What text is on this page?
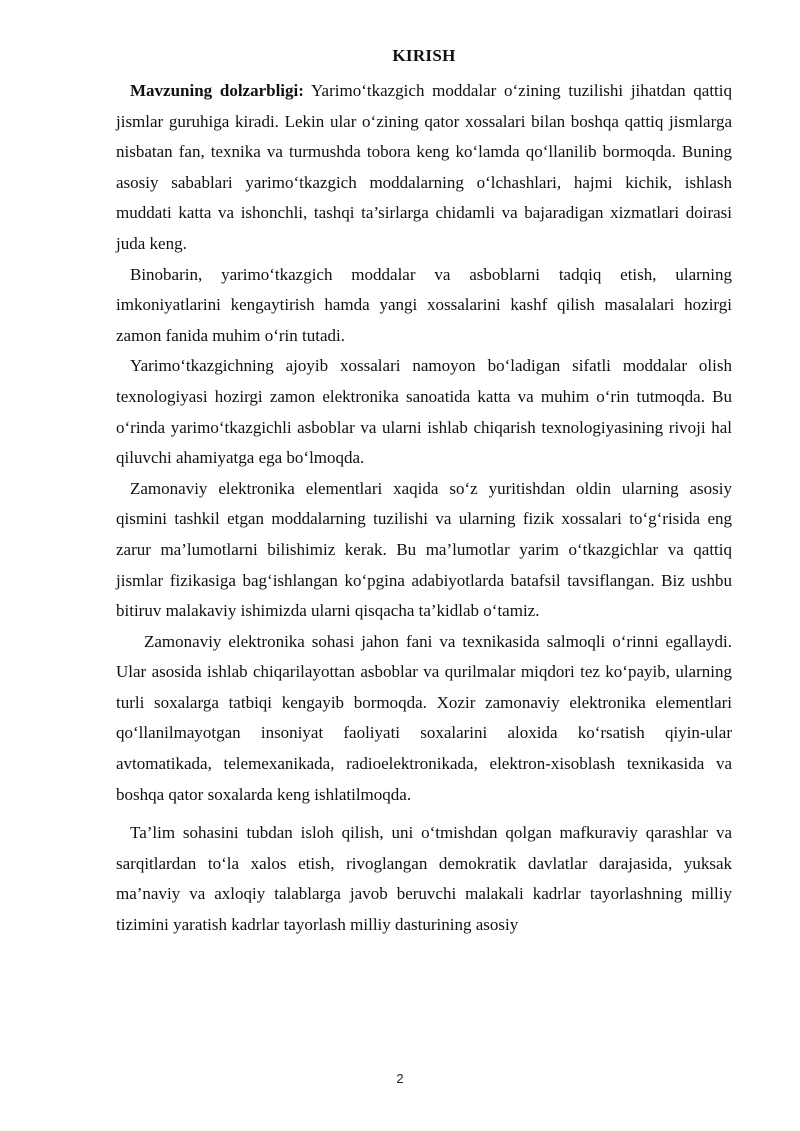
KIRISH

Mavzuning dolzarbligi: Yarimo‘tkazgich moddalar o‘zining tuzilishi jihatdan qattiq jismlar guruhiga kiradi. Lekin ular o‘zining qator xossalari bilan boshqa qattiq jismlarga nisbatan fan, texnika va turmushda tobora keng ko‘lamda qo‘llanilib bormoqda. Buning asosiy sabablari yarimo‘tkazgich moddalarning o‘lchashlari, hajmi kichik, ishlash muddati katta va ishonchli, tashqi ta’sirlarga chidamli va bajaradigan xizmatlari doirasi juda keng.

Binobarin, yarimo‘tkazgich moddalar va asboblarni tadqiq etish, ularning imkoniyatlarini kengaytirish hamda yangi xossalarini kashf qilish masalalari hozirgi zamon fanida muhim o‘rin tutadi.

Yarimo‘tkazgichning ajoyib xossalari namoyon bo‘ladigan sifatli moddalar olish texnologiyasi hozirgi zamon elektronika sanoatida katta va muhim o‘rin tutmoqda. Bu o‘rinda yarimo‘tkazgichli asboblar va ularni ishlab chiqarish texnologiyasining rivoji hal qiluvchi ahamiyatga ega bo‘lmoqda.

Zamonaviy elektronika elementlari xaqida so‘z yuritishdan oldin ularning asosiy qismini tashkil etgan moddalarning tuzilishi va ularning fizik xossalari to‘g‘risida eng zarur ma’lumotlarni bilishimiz kerak. Bu ma’lumotlar yarim o‘tkazgichlar va qattiq jismlar fizikasiga bag‘ishlangan ko‘pgina adabiyotlarda batafsil tavsiflangan. Biz ushbu bitiruv malakaviy ishimizda ularni qisqacha ta’kidlab o‘tamiz.

Zamonaviy elektronika sohasi jahon fani va texnikasida salmoqli o‘rinni egallaydi. Ular asosida ishlab chiqarilayottan asboblar va qurilmalar miqdori tez ko‘payib, ularning turli soxalarga tatbiqi kengayib bormoqda. Xozir zamonaviy elektronika elementlari qo‘llanilmayotgan insoniyat faoliyati soxalarini aloxida ko‘rsatish qiyin-ular avtomatikada, telemexanikada, radioelektronikada, elektron-xisoblash texnikasida va boshqa qator soxalarda keng ishlatilmoqda.

Ta’lim sohasini tubdan isloh qilish, uni o‘tmishdan qolgan mafkuraviy qarashlar va sarqitlardan to‘la xalos etish, rivoglangan demokratik davlatlar darajasida, yuksak ma’naviy va axloqiy talablarga javob beruvchi malakali kadrlar tayorlashning milliy tizimini yaratish kadrlar tayorlash milliy dasturining asosiy

2
